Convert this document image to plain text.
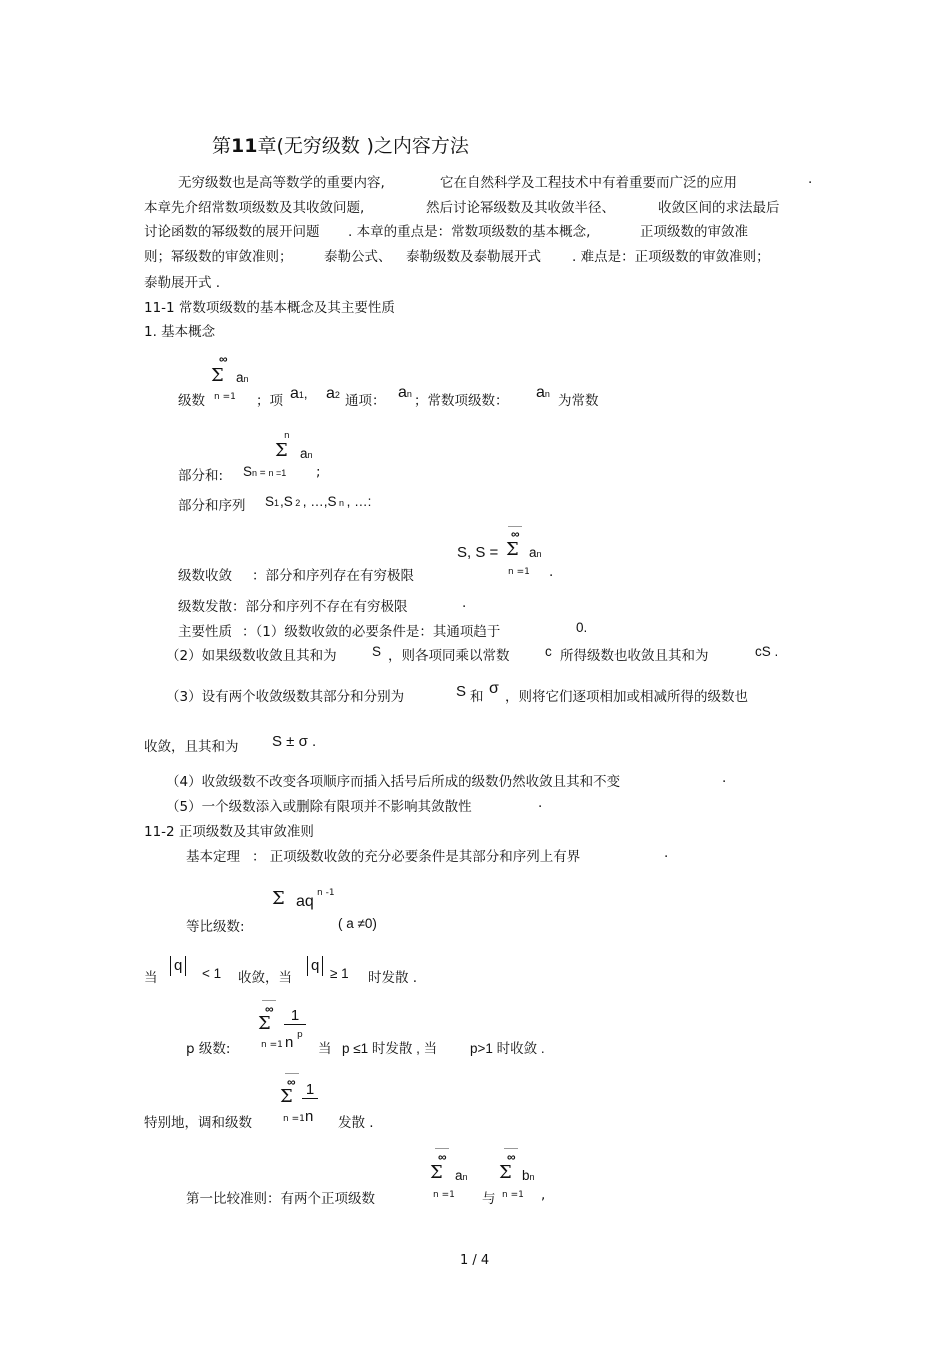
第11章(无穷级数 )之内容方法
无穷级数也是高等数学的重要内容,	它在自然科学及工程技术中有着重要而广泛的应用	.
本章先介绍常数项级数及其收敛问题,	然后讨论幂级数及其收敛半径、	收敛区间的求法最后
讨论函数的幂级数的展开问题 . 本章的重点是：常数项级数的基本概念,	正项级数的审敛准
则；幂级数的审敛准则； 泰勒公式、 泰勒级数及泰勒展开式 . 难点是：正项级数的审敛准则；
泰勒展开式 .
11-1 常数项级数的基本概念及其主要性质
1. 基本概念
∞
Σ an
n =1
级数	；项 a1, a2 通项： an ；常数项级数： an 为常数
n
Σ an
部分和: Sn = n =1 ;
部分和序列 S1 ,S 2 , …,S n , …:
∞
S, S = Σ an
n =1 .
级数收敛 ：部分和序列存在有穷极限
级数发散：部分和序列不存在有穷极限	.
主要性质 ：（1）级数收敛的必要条件是：其通项趋于	0.
（2）如果级数收敛且其和为	S ，则各项同乘以常数	c 所得级数也收敛且其和为	cS .
（3）设有两个收敛级数其部分和分别为	S 和 σ ，则将它们逐项相加或相减所得的级数也
收敛，且其和为 S ± σ .
（4）收敛级数不改变各项顺序而插入括号后所成的级数仍然收敛且其和不变	.
（5）一个级数添入或删除有限项并不影响其敛散性	.
11-2 正项级数及其审敛准则
基本定理 ： 正项级数收敛的充分必要条件是其部分和序列上有界	.
Σ aq n -1
等比级数:	( a ≠0)
当
q < 1 收敛，当
q ≥ 1 时发散 .
∞
Σ	1
n p
n =1
p 级数:	当 p ≤1 时发散 , 当 p>1 时收敛 .
∞
Σ 1
n
n =1
特别地，调和级数	发散 .
∞
Σ an
n =1
∞
Σ bn
n =1
第一比较准则：有两个正项级数	与	,
1 / 4
